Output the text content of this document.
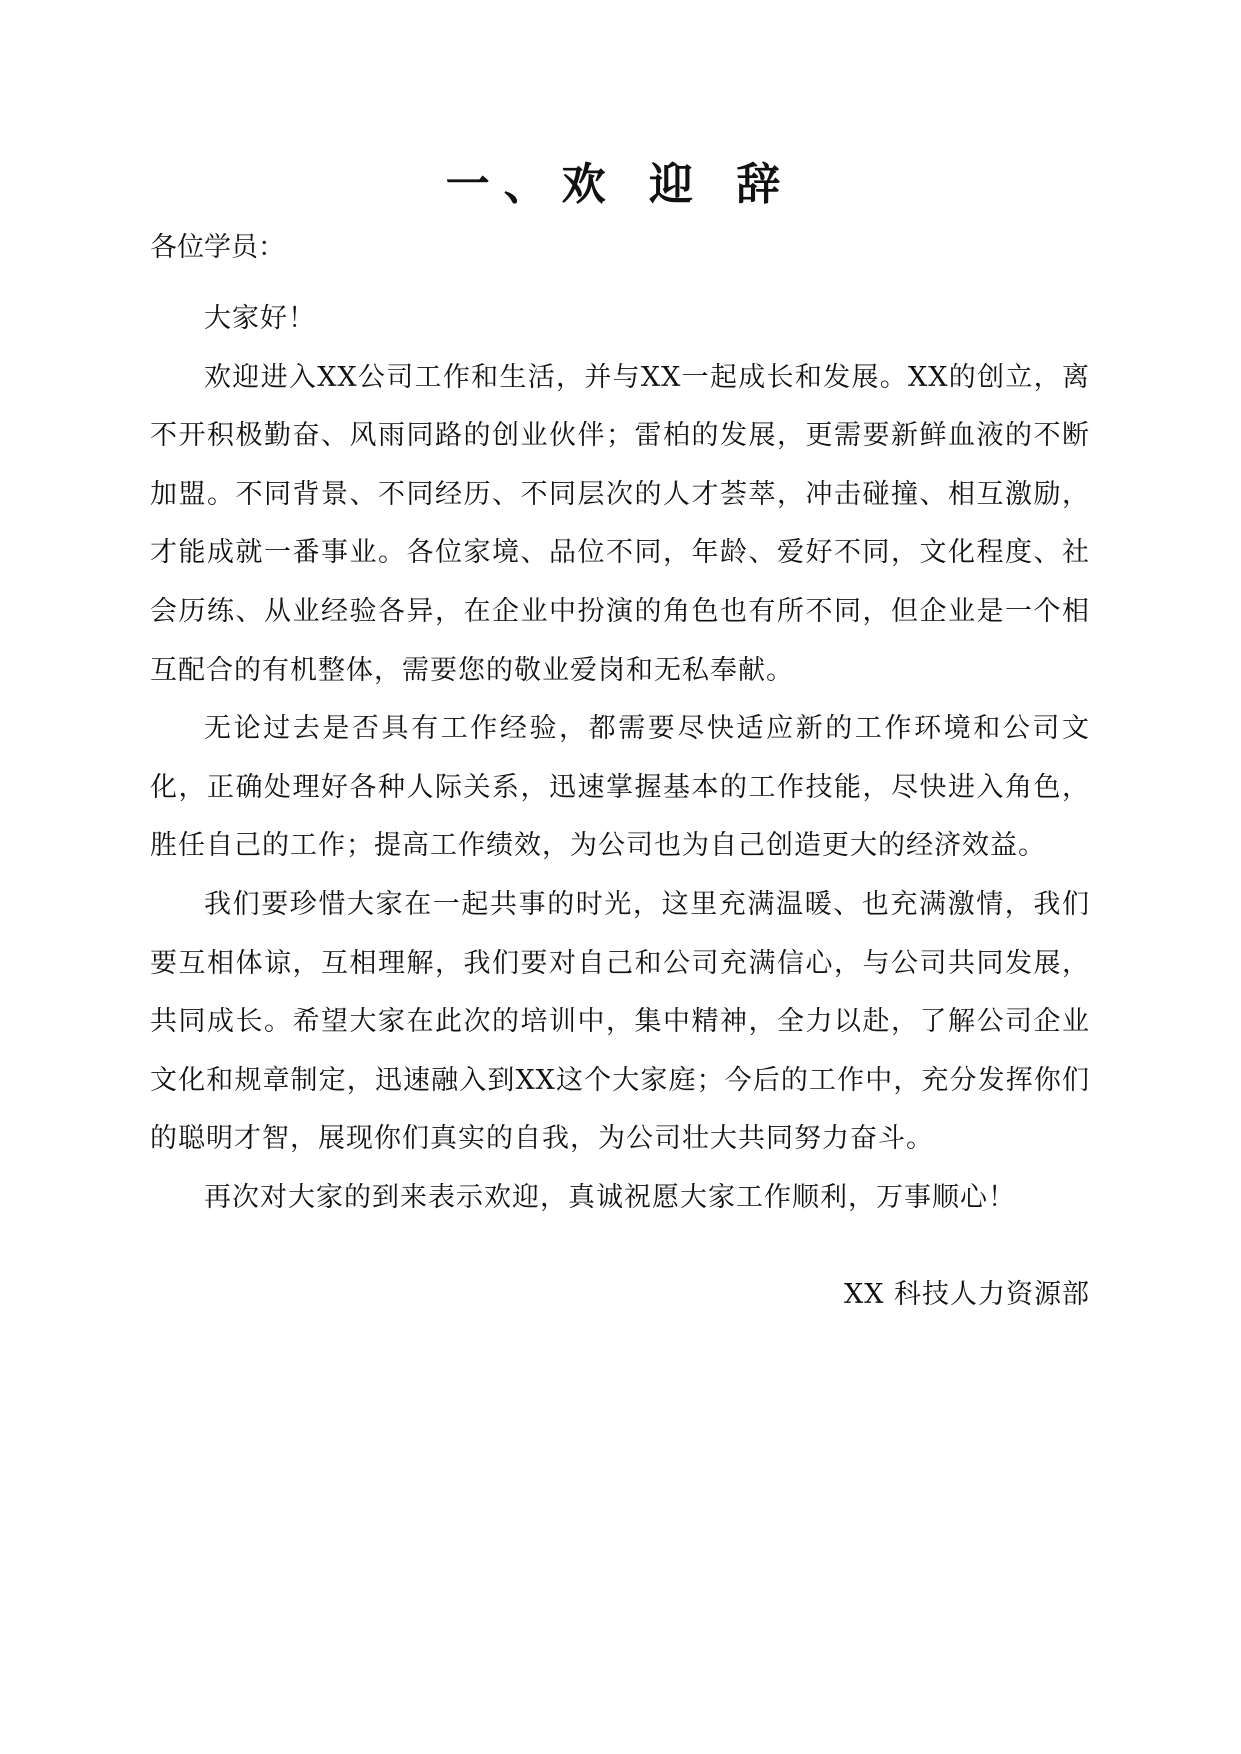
一、欢 迎 辞

各位学员：

大家好！

欢迎进入XX公司工作和生活，并与XX一起成长和发展。XX的创立，离不开积极勤奋、风雨同路的创业伙伴；雷柏的发展，更需要新鲜血液的不断加盟。不同背景、不同经历、不同层次的人才荟萃，冲击碰撞、相互激励，才能成就一番事业。各位家境、品位不同，年龄、爱好不同，文化程度、社会历练、从业经验各异，在企业中扮演的角色也有所不同，但企业是一个相互配合的有机整体，需要您的敬业爱岗和无私奉献。

无论过去是否具有工作经验，都需要尽快适应新的工作环境和公司文化，正确处理好各种人际关系，迅速掌握基本的工作技能，尽快进入角色，胜任自己的工作；提高工作绩效，为公司也为自己创造更大的经济效益。

我们要珍惜大家在一起共事的时光，这里充满温暖、也充满激情，我们要互相体谅，互相理解，我们要对自己和公司充满信心，与公司共同发展，共同成长。希望大家在此次的培训中，集中精神，全力以赴，了解公司企业文化和规章制定，迅速融入到XX这个大家庭；今后的工作中，充分发挥你们的聪明才智，展现你们真实的自我，为公司壮大共同努力奋斗。

再次对大家的到来表示欢迎，真诚祝愿大家工作顺利，万事顺心！

XX 科技人力资源部
